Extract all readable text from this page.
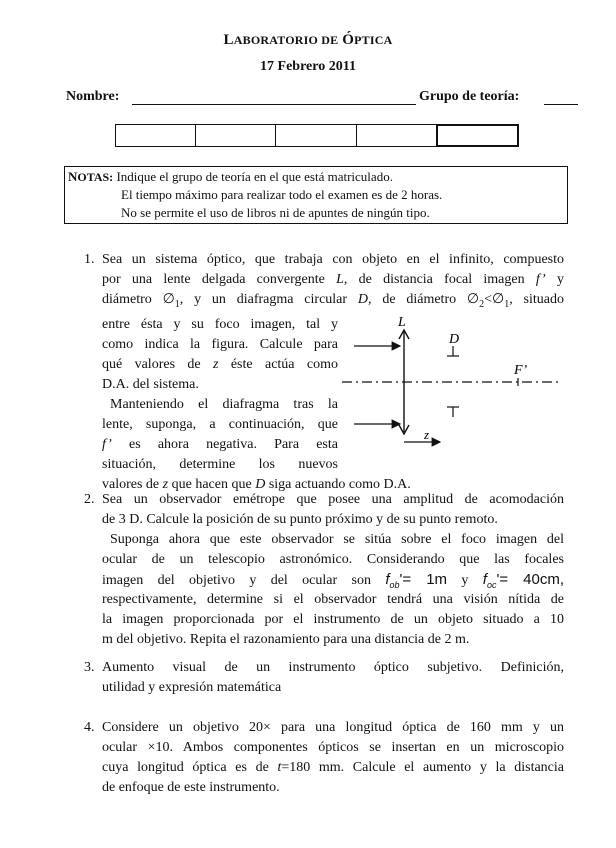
LABORATORIO DE ÓPTICA
17 Febrero 2011
Nombre:	Grupo de teoría:
NOTAS: Indique el grupo de teoría en el que está matriculado.
El tiempo máximo para realizar todo el examen es de 2 horas.
No se permite el uso de libros ni de apuntes de ningún tipo.
1. Sea un sistema óptico, que trabaja con objeto en el infinito, compuesto
por una lente delgada convergente L, de distancia focal imagen f’ y
diámetro $\emptyset_1$, y un diafragma circular D, de diámetro $\emptyset_2<\emptyset_1$, situado
entre ésta y su foco imagen, tal y
como indica la figura. Calcule para
qué valores de z éste actúa como
D.A. del sistema.
Manteniendo el diafragma tras la
lente, suponga, a continuación, que
f’ es ahora negativa. Para esta
situación, determine los nuevos
valores de z que hacen que D siga actuando como D.A.
L
D
F’
z
2. Sea un observador emétrope que posee una amplitud de acomodación
de 3 D. Calcule la posición de su punto próximo y de su punto remoto.
Suponga ahora que este observador se sitúa sobre el foco imagen del
ocular de un telescopio astronómico. Considerando que las focales
imagen del objetivo y del ocular son $f_{ob}'= 1m$ y $f_{oc}'= 40cm$,
respectivamente, determine si el observador tendrá una visión nítida de
la imagen proporcionada por el instrumento de un objeto situado a 10
m del objetivo. Repita el razonamiento para una distancia de 2 m.
3. Aumento visual de un instrumento óptico subjetivo. Definición,
utilidad y expresión matemática
4. Considere un objetivo 20× para una longitud óptica de 160 mm y un
ocular ×10. Ambos componentes ópticos se insertan en un microscopio
cuya longitud óptica es de t=180 mm. Calcule el aumento y la distancia
de enfoque de este instrumento.
